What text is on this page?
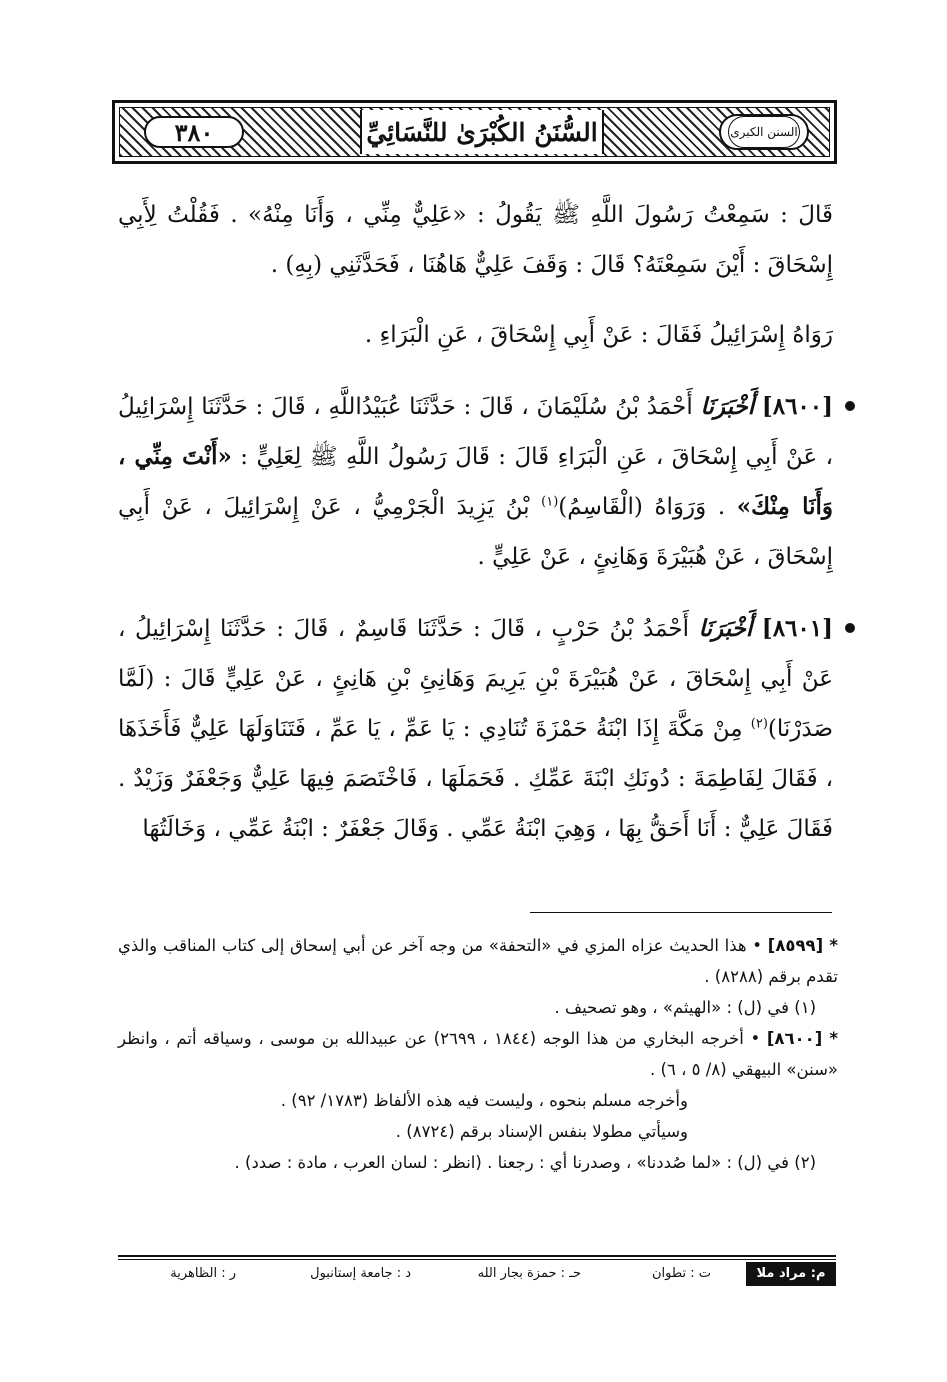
٣٨٠	السُّنَنُ الكُبْرَىٰ للنَّسَائِيِّ	السنن الكبرى

قَالَ : سَمِعْتُ رَسُولَ اللَّهِ ﷺ يَقُولُ : «عَلِيٌّ مِنِّي ، وَأَنَا مِنْهُ» . فَقُلْتُ لِأَبِي إِسْحَاقَ : أَيْنَ سَمِعْتَهُ؟ قَالَ : وَقَفَ عَلِيٌّ هَاهُنَا ، فَحَدَّثَنِي (بِهِ) .

رَوَاهُ إِسْرَائِيلُ فَقَالَ : عَنْ أَبِي إِسْحَاقَ ، عَنِ الْبَرَاءِ .

[٨٦٠٠] أَخْبَرَنَا أَحْمَدُ بْنُ سُلَيْمَانَ ، قَالَ : حَدَّثَنَا عُبَيْدُاللَّهِ ، قَالَ : حَدَّثَنَا إِسْرَائِيلُ ، عَنْ أَبِي إِسْحَاقَ ، عَنِ الْبَرَاءِ قَالَ : قَالَ رَسُولُ اللَّهِ ﷺ لِعَلِيٍّ : «أَنْتَ مِنِّي ، وَأَنَا مِنْكَ» . وَرَوَاهُ (الْقَاسِمُ)$^{(١)}$ بْنُ يَزِيدَ الْجَرْمِيُّ ، عَنْ إِسْرَائِيلَ ، عَنْ أَبِي إِسْحَاقَ ، عَنْ هُبَيْرَةَ وَهَانِئٍ ، عَنْ عَلِيٍّ .
[٨٦٠١] أَخْبَرَنَا أَحْمَدُ بْنُ حَرْبٍ ، قَالَ : حَدَّثَنَا قَاسِمٌ ، قَالَ : حَدَّثَنَا إِسْرَائِيلُ ، عَنْ أَبِي إِسْحَاقَ ، عَنْ هُبَيْرَةَ بْنِ يَرِيمَ وَهَانِئِ بْنِ هَانِئٍ ، عَنْ عَلِيٍّ قَالَ : (لَمَّا صَدَرْنَا)$^{(٢)}$ مِنْ مَكَّةَ إِذَا ابْنَةُ حَمْزَةَ تُنَادِي : يَا عَمِّ ، يَا عَمِّ ، فَتَنَاوَلَهَا عَلِيٌّ فَأَخَذَهَا ، فَقَالَ لِفَاطِمَةَ : دُونَكِ ابْنَةَ عَمِّكِ . فَحَمَلَهَا ، فَاخْتَصَمَ فِيهَا عَلِيٌّ وَجَعْفَرٌ وَزَيْدٌ . فَقَالَ عَلِيٌّ : أَنَا أَحَقُّ بِهَا ، وَهِيَ ابْنَةُ عَمِّي . وَقَالَ جَعْفَرٌ : ابْنَةُ عَمِّي ، وَخَالَتُهَا

* [٨٥٩٩] • هذا الحديث عزاه المزي في «التحفة» من وجه آخر عن أبي إسحاق إلى كتاب المناقب والذي تقدم برقم (٨٢٨٨) .

(١) في (ل) : «الهيثم» ، وهو تصحيف .

* [٨٦٠٠] • أخرجه البخاري من هذا الوجه (١٨٤٤ ، ٢٦٩٩) عن عبيدالله بن موسى ، وسياقه أتم ، وانظر «سنن» البيهقي (٨/ ٥ ، ٦) .

وأخرجه مسلم بنحوه ، وليست فيه هذه الألفاظ (١٧٨٣/ ٩٢) .

وسيأتي مطولا بنفس الإسناد برقم (٨٧٢٤) .

(٢) في (ل) : «لما صُددنا» ، وصدرنا أي : رجعنا . (انظر : لسان العرب ، مادة : صدد) .

م: مراد ملا
ت : تطوان
حـ : حمزة بجار الله
د : جامعة إستانبول
ر : الظاهرية
